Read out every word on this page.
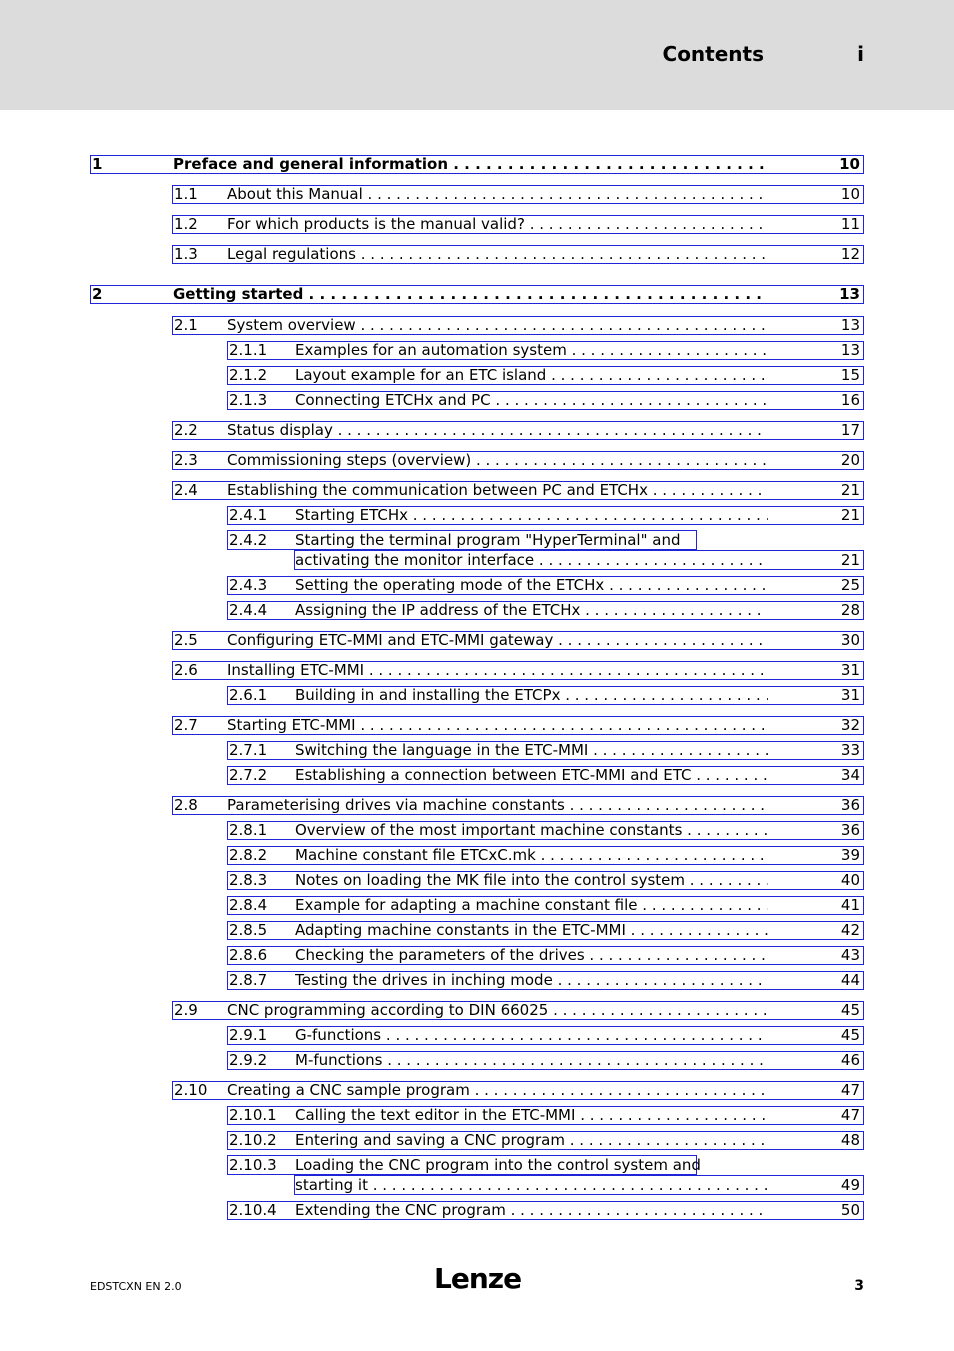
Contents	i
1	Preface and general information . . .	10
1.1 About this Manual . . .	10
1.2 For which products is the manual valid? . . .	11
1.3 Legal regulations . . .	12
2	Getting started . . .	13
2.1 System overview . . .	13
2.1.1 Examples for an automation system . . .	13
2.1.2 Layout example for an ETC island . . .	15
2.1.3 Connecting ETCHx and PC . . .	16
2.2 Status display . . .	17
2.3 Commissioning steps (overview) . . .	20
2.4 Establishing the communication between PC and ETCHx . . .	21
2.4.1 Starting ETCHx . . .	21
2.4.2 Starting the terminal program "HyperTerminal" and
activating the monitor interface . . .	21
2.4.3 Setting the operating mode of the ETCHx . . .	25
2.4.4 Assigning the IP address of the ETCHx . . .	28
2.5 Configuring ETC-MMI and ETC-MMI gateway . . .	30
2.6 Installing ETC-MMI . . .	31
2.6.1 Building in and installing the ETCPx . . .	31
2.7 Starting ETC-MMI . . .	32
2.7.1 Switching the language in the ETC-MMI . . .	33
2.7.2 Establishing a connection between ETC-MMI and ETC . . .	34
2.8 Parameterising drives via machine constants . . .	36
2.8.1 Overview of the most important machine constants . . .	36
2.8.2 Machine constant file ETCxC.mk . . .	39
2.8.3 Notes on loading the MK file into the control system . . .	40
2.8.4 Example for adapting a machine constant file . . .	41
2.8.5 Adapting machine constants in the ETC-MMI . . .	42
2.8.6 Checking the parameters of the drives . . .	43
2.8.7 Testing the drives in inching mode . . .	44
2.9 CNC programming according to DIN 66025 . . .	45
2.9.1 G-functions . . .	45
2.9.2 M-functions . . .	46
2.10 Creating a CNC sample program . . .	47
2.10.1 Calling the text editor in the ETC-MMI . . .	47
2.10.2 Entering and saving a CNC program . . .	48
2.10.3 Loading the CNC program into the control system and
starting it . . .	49
2.10.4 Extending the CNC program . . .	50
EDSTCXN EN 2.0	Lenze	3
